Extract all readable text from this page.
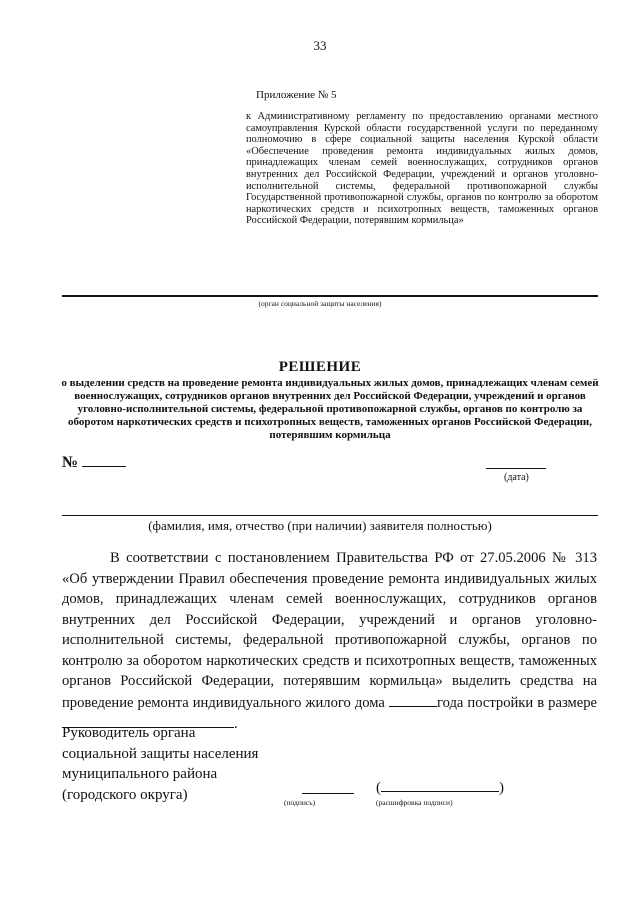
33
Приложение № 5
к Административному регламенту по предоставлению органами местного самоуправления Курской области государственной услуги по переданному полномочию в сфере социальной защиты населения Курской области «Обеспечение проведения ремонта индивидуальных жилых домов, принадлежащих членам семей военнослужащих, сотрудников органов внутренних дел Российской Федерации, учреждений и органов уголовно-исполнительной системы, федеральной противопожарной службы Государственной противопожарной службы, органов по контролю за оборотом наркотических средств и психотропных веществ, таможенных органов Российской Федерации, потерявшим кормильца»
(орган социальной защиты населения)
РЕШЕНИЕ
о выделении средств на проведение ремонта индивидуальных жилых домов, принадлежащих членам семей военнослужащих, сотрудников органов внутренних дел Российской Федерации, учреждений и органов уголовно-исполнительной системы, федеральной противопожарной службы, органов по контролю за оборотом наркотических средств и психотропных веществ, таможенных органов Российской Федерации, потерявшим кормильца
№
(дата)
(фамилия, имя, отчество (при наличии) заявителя полностью)
В соответствии с постановлением Правительства РФ от 27.05.2006 № 313 «Об утверждении Правил обеспечения проведение ремонта индивидуальных жилых домов, принадлежащих членам семей военнослужащих, сотрудников органов внутренних дел Российской Федерации, учреждений и органов уголовно-исполнительной системы, федеральной противопожарной службы, органов по контролю за оборотом наркотических средств и психотропных веществ, таможенных органов Российской Федерации, потерявшим кормильца» выделить средства на проведение ремонта индивидуального жилого дома	года постройки в размере .
Руководитель органа
социальной защиты населения
муниципального района
(городского округа)	(подпись)
(	)
(расшифровка подписи)
